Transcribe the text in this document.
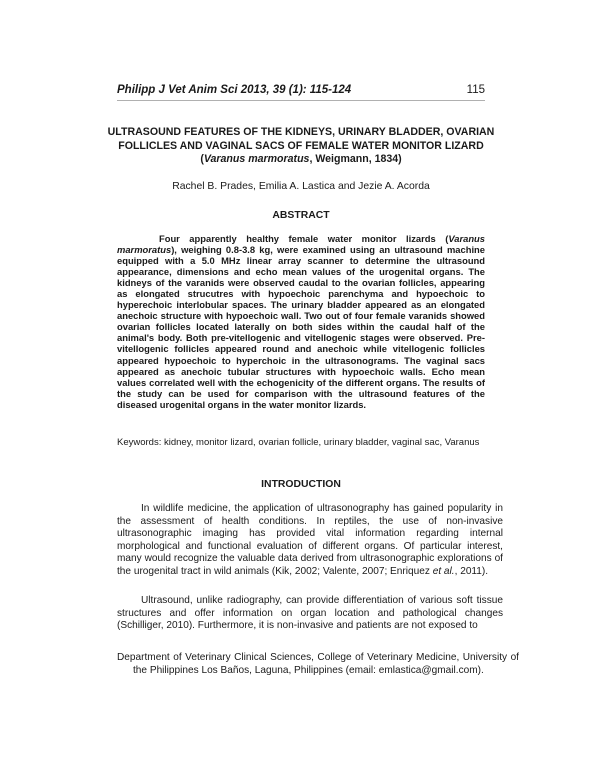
Philipp J Vet Anim Sci 2013, 39 (1): 115-124	115
ULTRASOUND FEATURES OF THE KIDNEYS, URINARY BLADDER, OVARIAN
FOLLICLES AND VAGINAL SACS OF FEMALE WATER MONITOR LIZARD
(Varanus marmoratus, Weigmann, 1834)
Rachel B. Prades, Emilia A. Lastica and Jezie A. Acorda
ABSTRACT
Four apparently healthy female water monitor lizards (Varanus marmoratus), weighing 0.8-3.8 kg, were examined using an ultrasound machine equipped with a 5.0 MHz linear array scanner to determine the ultrasound appearance, dimensions and echo mean values of the urogenital organs. The kidneys of the varanids were observed caudal to the ovarian follicles, appearing as elongated strucutres with hypoechoic parenchyma and hypoechoic to hyperechoic interlobular spaces. The urinary bladder appeared as an elongated anechoic structure with hypoechoic wall. Two out of four female varanids showed ovarian follicles located laterally on both sides within the caudal half of the animal's body. Both pre-vitellogenic and vitellogenic stages were observed. Pre-vitellogenic follicles appeared round and anechoic while vitellogenic follicles appeared hypoechoic to hyperchoic in the ultrasonograms. The vaginal sacs appeared as anechoic tubular structures with hypoechoic walls. Echo mean values correlated well with the echogenicity of the different organs. The results of the study can be used for comparison with the ultrasound features of the diseased urogenital organs in the water monitor lizards.
Keywords: kidney, monitor lizard, ovarian follicle, urinary bladder, vaginal sac, Varanus
INTRODUCTION
In wildlife medicine, the application of ultrasonography has gained popularity in the assessment of health conditions. In reptiles, the use of non-invasive ultrasonographic imaging has provided vital information regarding internal morphological and functional evaluation of different organs. Of particular interest, many would recognize the valuable data derived from ultrasonographic explorations of the urogenital tract in wild animals (Kik, 2002; Valente, 2007; Enriquez et al., 2011).
Ultrasound, unlike radiography, can provide differentiation of various soft tissue structures and offer information on organ location and pathological changes (Schilliger, 2010). Furthermore, it is non-invasive and patients are not exposed to
Department of Veterinary Clinical Sciences, College of Veterinary Medicine, University of the Philippines Los Baños, Laguna, Philippines (email: emlastica@gmail.com).
